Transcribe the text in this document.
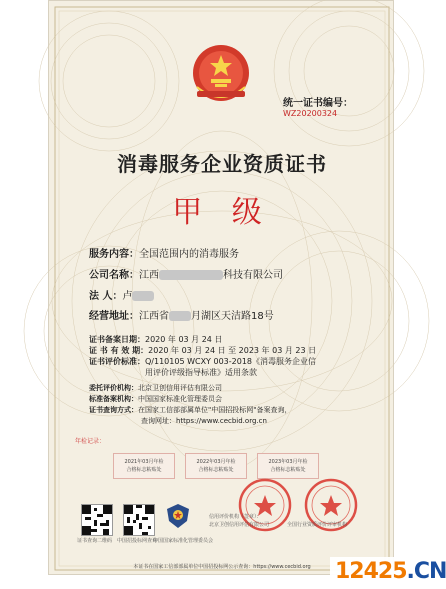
统一证书编号：
WZ20200324
消毒服务企业资质证书
甲 级
服务内容：全国范围内的消毒服务
公司名称：江西	科技有限公司
法 人：卢
经营地址：江西省 月湖区天洁路18号
证书备案日期：2020 年 03 月 24 日
证 书 有 效 期：2020 年 03 月 24 日 至 2023 年 03 月 23 日
证书评价标准：Q/110105 WCXY 003-2018《消毒服务企业信
用评价评级指导标准》适用条款
委托评价机构：北京卫创信用评估有限公司
标准备案机构：中国国家标准化管理委员会
证书查询方式：在国家工信部部属单位"中国招投标网"备案查询，
查询网址：https://www.cecbid.org.cn
年检记录：
2021年03月年检
合格标志粘贴处
2022年03月年检
合格标志粘贴处
2023年03月年检
合格标志粘贴处
信用评价机构（签章）：
北京卫创信用评估有限公司	全国行业资质评价评审机构
证书查询二维码 中国招投标网查询
中国国家标准化管理委员会
本证书在国家工信部部属单位中国招投标网公示查询：https://www.cecbid.org	12425.CN
